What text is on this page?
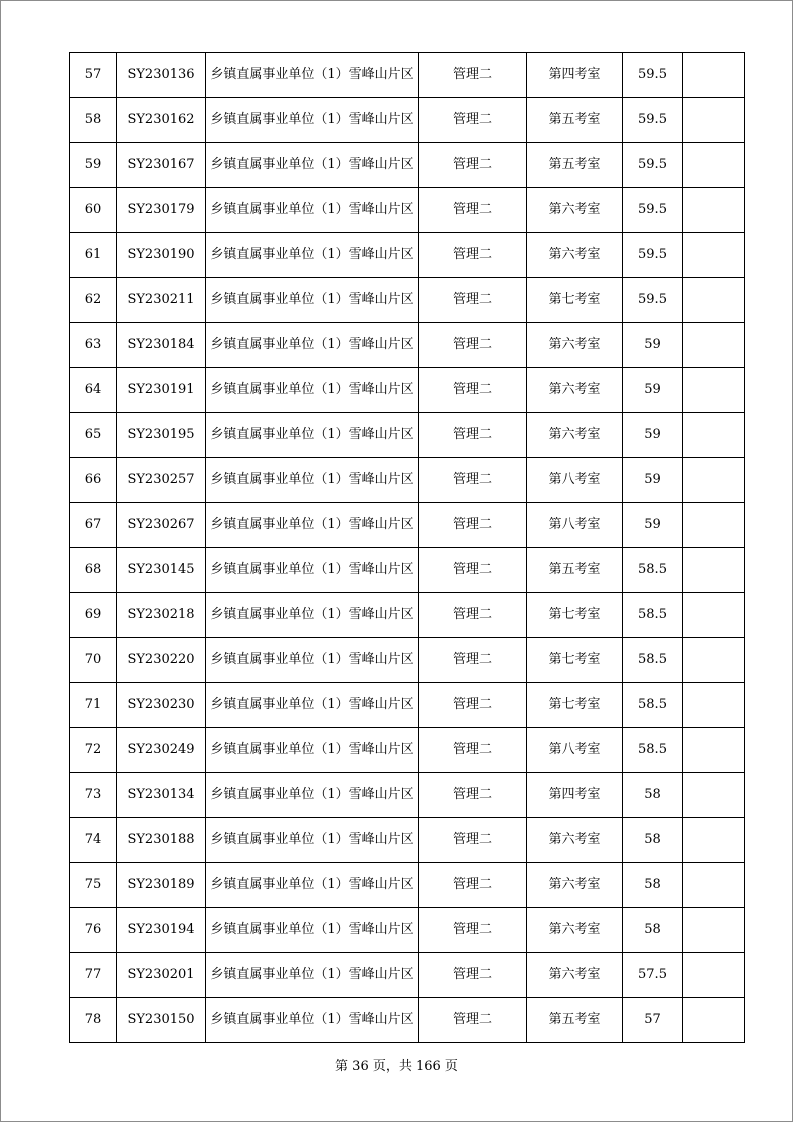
57	SY230136	乡镇直属事业单位（1）雪峰山片区	管理二	第四考室	59.5	
58	SY230162	乡镇直属事业单位（1）雪峰山片区	管理二	第五考室	59.5	
59	SY230167	乡镇直属事业单位（1）雪峰山片区	管理二	第五考室	59.5	
60	SY230179	乡镇直属事业单位（1）雪峰山片区	管理二	第六考室	59.5	
61	SY230190	乡镇直属事业单位（1）雪峰山片区	管理二	第六考室	59.5	
62	SY230211	乡镇直属事业单位（1）雪峰山片区	管理二	第七考室	59.5	
63	SY230184	乡镇直属事业单位（1）雪峰山片区	管理二	第六考室	59	
64	SY230191	乡镇直属事业单位（1）雪峰山片区	管理二	第六考室	59	
65	SY230195	乡镇直属事业单位（1）雪峰山片区	管理二	第六考室	59	
66	SY230257	乡镇直属事业单位（1）雪峰山片区	管理二	第八考室	59	
67	SY230267	乡镇直属事业单位（1）雪峰山片区	管理二	第八考室	59	
68	SY230145	乡镇直属事业单位（1）雪峰山片区	管理二	第五考室	58.5	
69	SY230218	乡镇直属事业单位（1）雪峰山片区	管理二	第七考室	58.5	
70	SY230220	乡镇直属事业单位（1）雪峰山片区	管理二	第七考室	58.5	
71	SY230230	乡镇直属事业单位（1）雪峰山片区	管理二	第七考室	58.5	
72	SY230249	乡镇直属事业单位（1）雪峰山片区	管理二	第八考室	58.5	
73	SY230134	乡镇直属事业单位（1）雪峰山片区	管理二	第四考室	58	
74	SY230188	乡镇直属事业单位（1）雪峰山片区	管理二	第六考室	58	
75	SY230189	乡镇直属事业单位（1）雪峰山片区	管理二	第六考室	58	
76	SY230194	乡镇直属事业单位（1）雪峰山片区	管理二	第六考室	58	
77	SY230201	乡镇直属事业单位（1）雪峰山片区	管理二	第六考室	57.5	
78	SY230150	乡镇直属事业单位（1）雪峰山片区	管理二	第五考室	57	
第 36 页，共 166 页
